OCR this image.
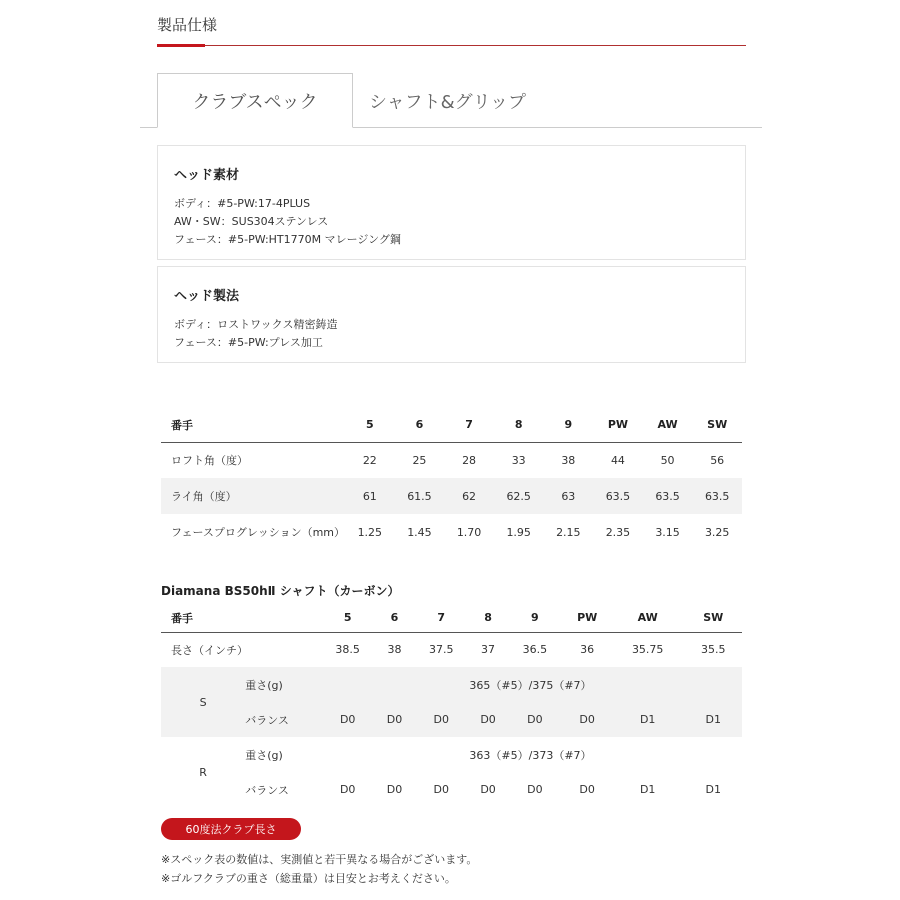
製品仕様
クラブスペック	シャフト&グリップ
ヘッド素材

ボディ：#5-PW:17-4PLUS

AW・SW：SUS304ステンレス

フェース：#5-PW:HT1770M マレージング鋼

ヘッド製法

ボディ：ロストワックス精密鋳造

フェース：#5-PW:プレス加工

番手	5	6	7	8	9	PW	AW	SW
ロフト角（度）	22	25	28	33	38	44	50	56
ライ角（度）	61	61.5	62	62.5	63	63.5	63.5	63.5
フェースプログレッション（mm）	1.25	1.45	1.70	1.95	2.15	2.35	3.15	3.25
Diamana BS50hⅡ シャフト（カーボン）
番手		5	6	7	8	9	PW	AW	SW
長さ（インチ）		38.5	38	37.5	37	36.5	36	35.75	35.5
S	重さ(g)	365（#5）/375（#7）							
	バランス	D0	D0	D0	D0	D0	D0	D1	D1
R	重さ(g)	363（#5）/373（#7）							
	バランス	D0	D0	D0	D0	D0	D0	D1	D1
60度法クラブ長さ
※スペック表の数値は、実測値と若干異なる場合がございます。
※ゴルフクラブの重さ（総重量）は目安とお考えください。
